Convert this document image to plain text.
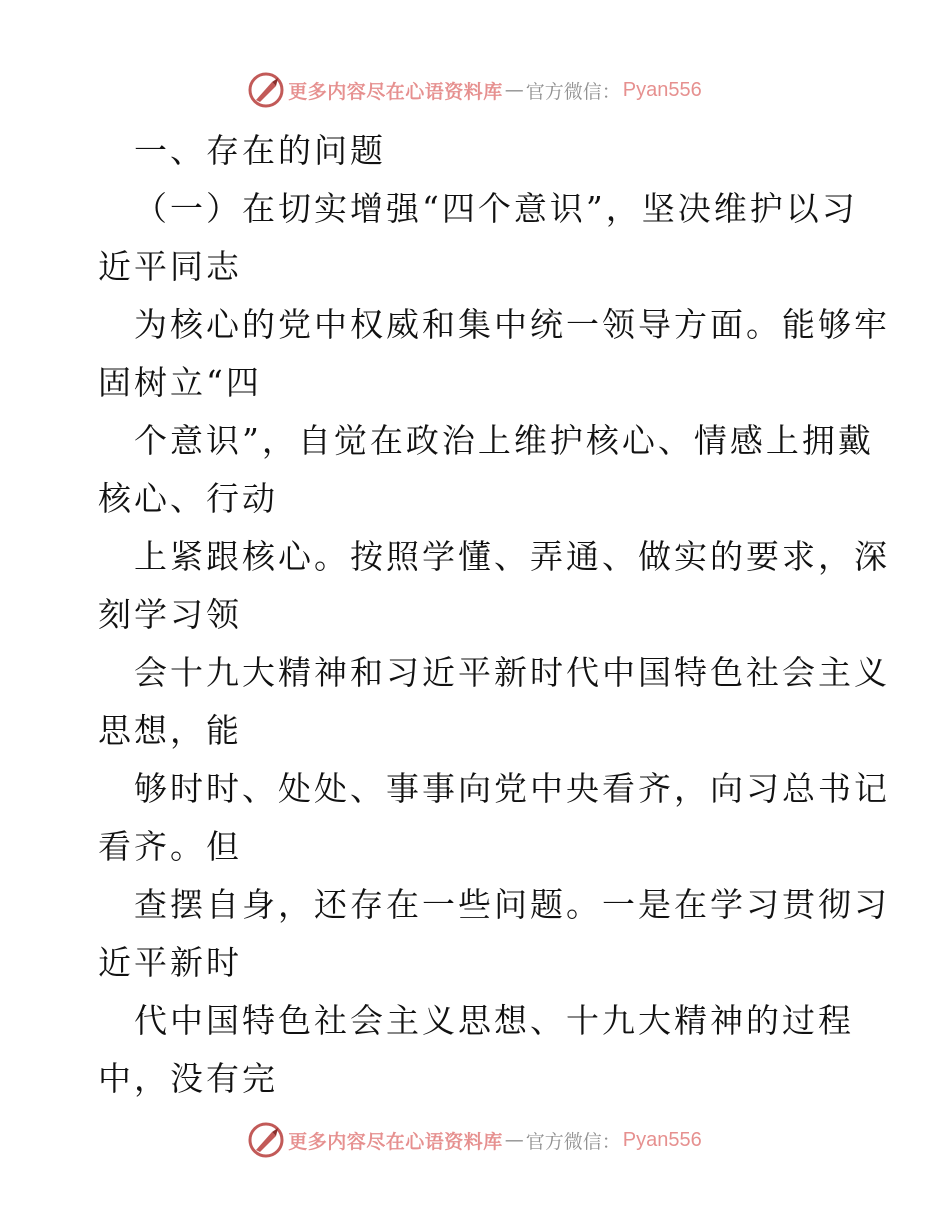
更多内容尽在心语资料库 — 官方微信： Pyan556
一、存在的问题
（一）在切实增强“四个意识”，坚决维护以习
近平同志
为核心的党中权威和集中统一领导方面。能够牢
固树立“四
个意识”，自觉在政治上维护核心、情感上拥戴
核心、行动
上紧跟核心。按照学懂、弄通、做实的要求，深
刻学习领
会十九大精神和习近平新时代中国特色社会主义
思想，能
够时时、处处、事事向党中央看齐，向习总书记
看齐。但
查摆自身，还存在一些问题。一是在学习贯彻习
近平新时
代中国特色社会主义思想、十九大精神的过程
中，没有完
更多内容尽在心语资料库 — 官方微信： Pyan556
